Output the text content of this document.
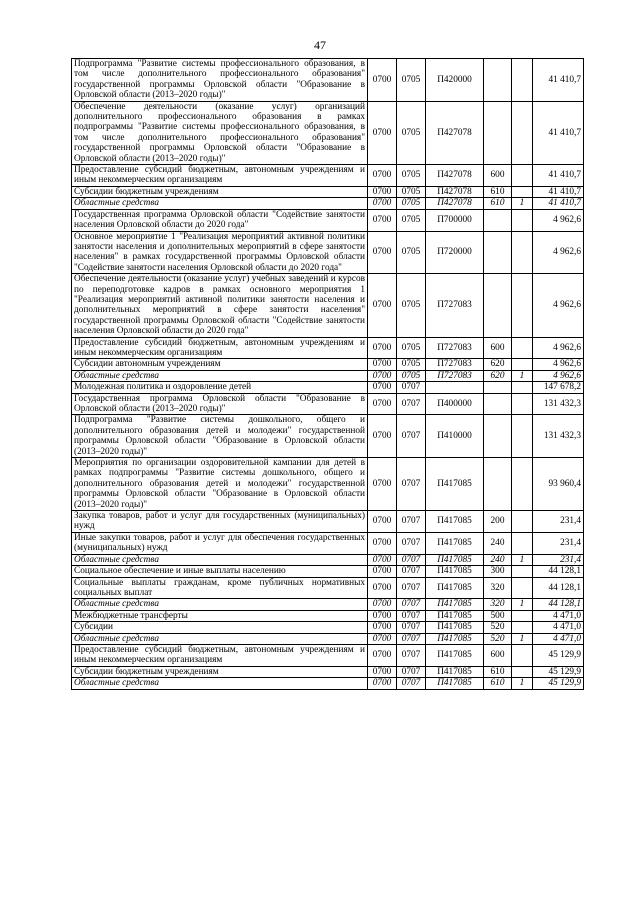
47
Подпрограмма "Развитие системы профессионального образования, в том числе дополнительного профессионального образования" государственной программы Орловской области "Образование в Орловской области (2013–2020 годы)"	0700	0705	П420000			41 410,7
Обеспечение деятельности (оказание услуг) организаций дополнительного профессионального образования в рамках подпрограммы "Развитие системы профессионального образования, в том числе дополнительного профессионального образования" государственной программы Орловской области "Образование в Орловской области (2013–2020 годы)"	0700	0705	П427078			41 410,7
Предоставление субсидий бюджетным, автономным учреждениям и иным некоммерческим организациям	0700	0705	П427078	600		41 410,7
Субсидии бюджетным учреждениям	0700	0705	П427078	610		41 410,7
Областные средства	0700	0705	П427078	610	1	41 410,7
Государственная программа Орловской области "Содействие занятости населения Орловской области до 2020 года"	0700	0705	П700000			4 962,6
Основное мероприятие 1 "Реализация мероприятий активной политики занятости населения и дополнительных мероприятий в сфере занятости населения" в рамках государственной программы Орловской области "Содействие занятости населения Орловской области до 2020 года"	0700	0705	П720000			4 962,6
Обеспечение деятельности (оказание услуг) учебных заведений и курсов по переподготовке кадров в рамках основного мероприятия 1 "Реализация мероприятий активной политики занятости населения и дополнительных мероприятий в сфере занятости населения" государственной программы Орловской области "Содействие занятости населения Орловской области до 2020 года"	0700	0705	П727083			4 962,6
Предоставление субсидий бюджетным, автономным учреждениям и иным некоммерческим организациям	0700	0705	П727083	600		4 962,6
Субсидии автономным учреждениям	0700	0705	П727083	620		4 962,6
Областные средства	0700	0705	П727083	620	1	4 962,6
Молодежная политика и оздоровление детей	0700	0707				147 678,2
Государственная программа Орловской области "Образование в Орловской области (2013–2020 годы)"	0700	0707	П400000			131 432,3
Подпрограмма "Развитие системы дошкольного, общего и дополнительного образования детей и молодежи" государственной программы Орловской области "Образование в Орловской области (2013–2020 годы)"	0700	0707	П410000			131 432,3
Мероприятия по организации оздоровительной кампании для детей в рамках подпрограммы "Развитие системы дошкольного, общего и дополнительного образования детей и молодежи" государственной программы Орловской области "Образование в Орловской области (2013–2020 годы)"	0700	0707	П417085			93 960,4
Закупка товаров, работ и услуг для государственных (муниципальных) нужд	0700	0707	П417085	200		231,4
Иные закупки товаров, работ и услуг для обеспечения государственных (муниципальных) нужд	0700	0707	П417085	240		231,4
Областные средства	0700	0707	П417085	240	1	231,4
Социальное обеспечение и иные выплаты населению	0700	0707	П417085	300		44 128,1
Социальные выплаты гражданам, кроме публичных нормативных социальных выплат	0700	0707	П417085	320		44 128,1
Областные средства	0700	0707	П417085	320	1	44 128,1
Межбюджетные трансферты	0700	0707	П417085	500		4 471,0
Субсидии	0700	0707	П417085	520		4 471,0
Областные средства	0700	0707	П417085	520	1	4 471,0
Предоставление субсидий бюджетным, автономным учреждениям и иным некоммерческим организациям	0700	0707	П417085	600		45 129,9
Субсидии бюджетным учреждениям	0700	0707	П417085	610		45 129,9
Областные средства	0700	0707	П417085	610	1	45 129,9
